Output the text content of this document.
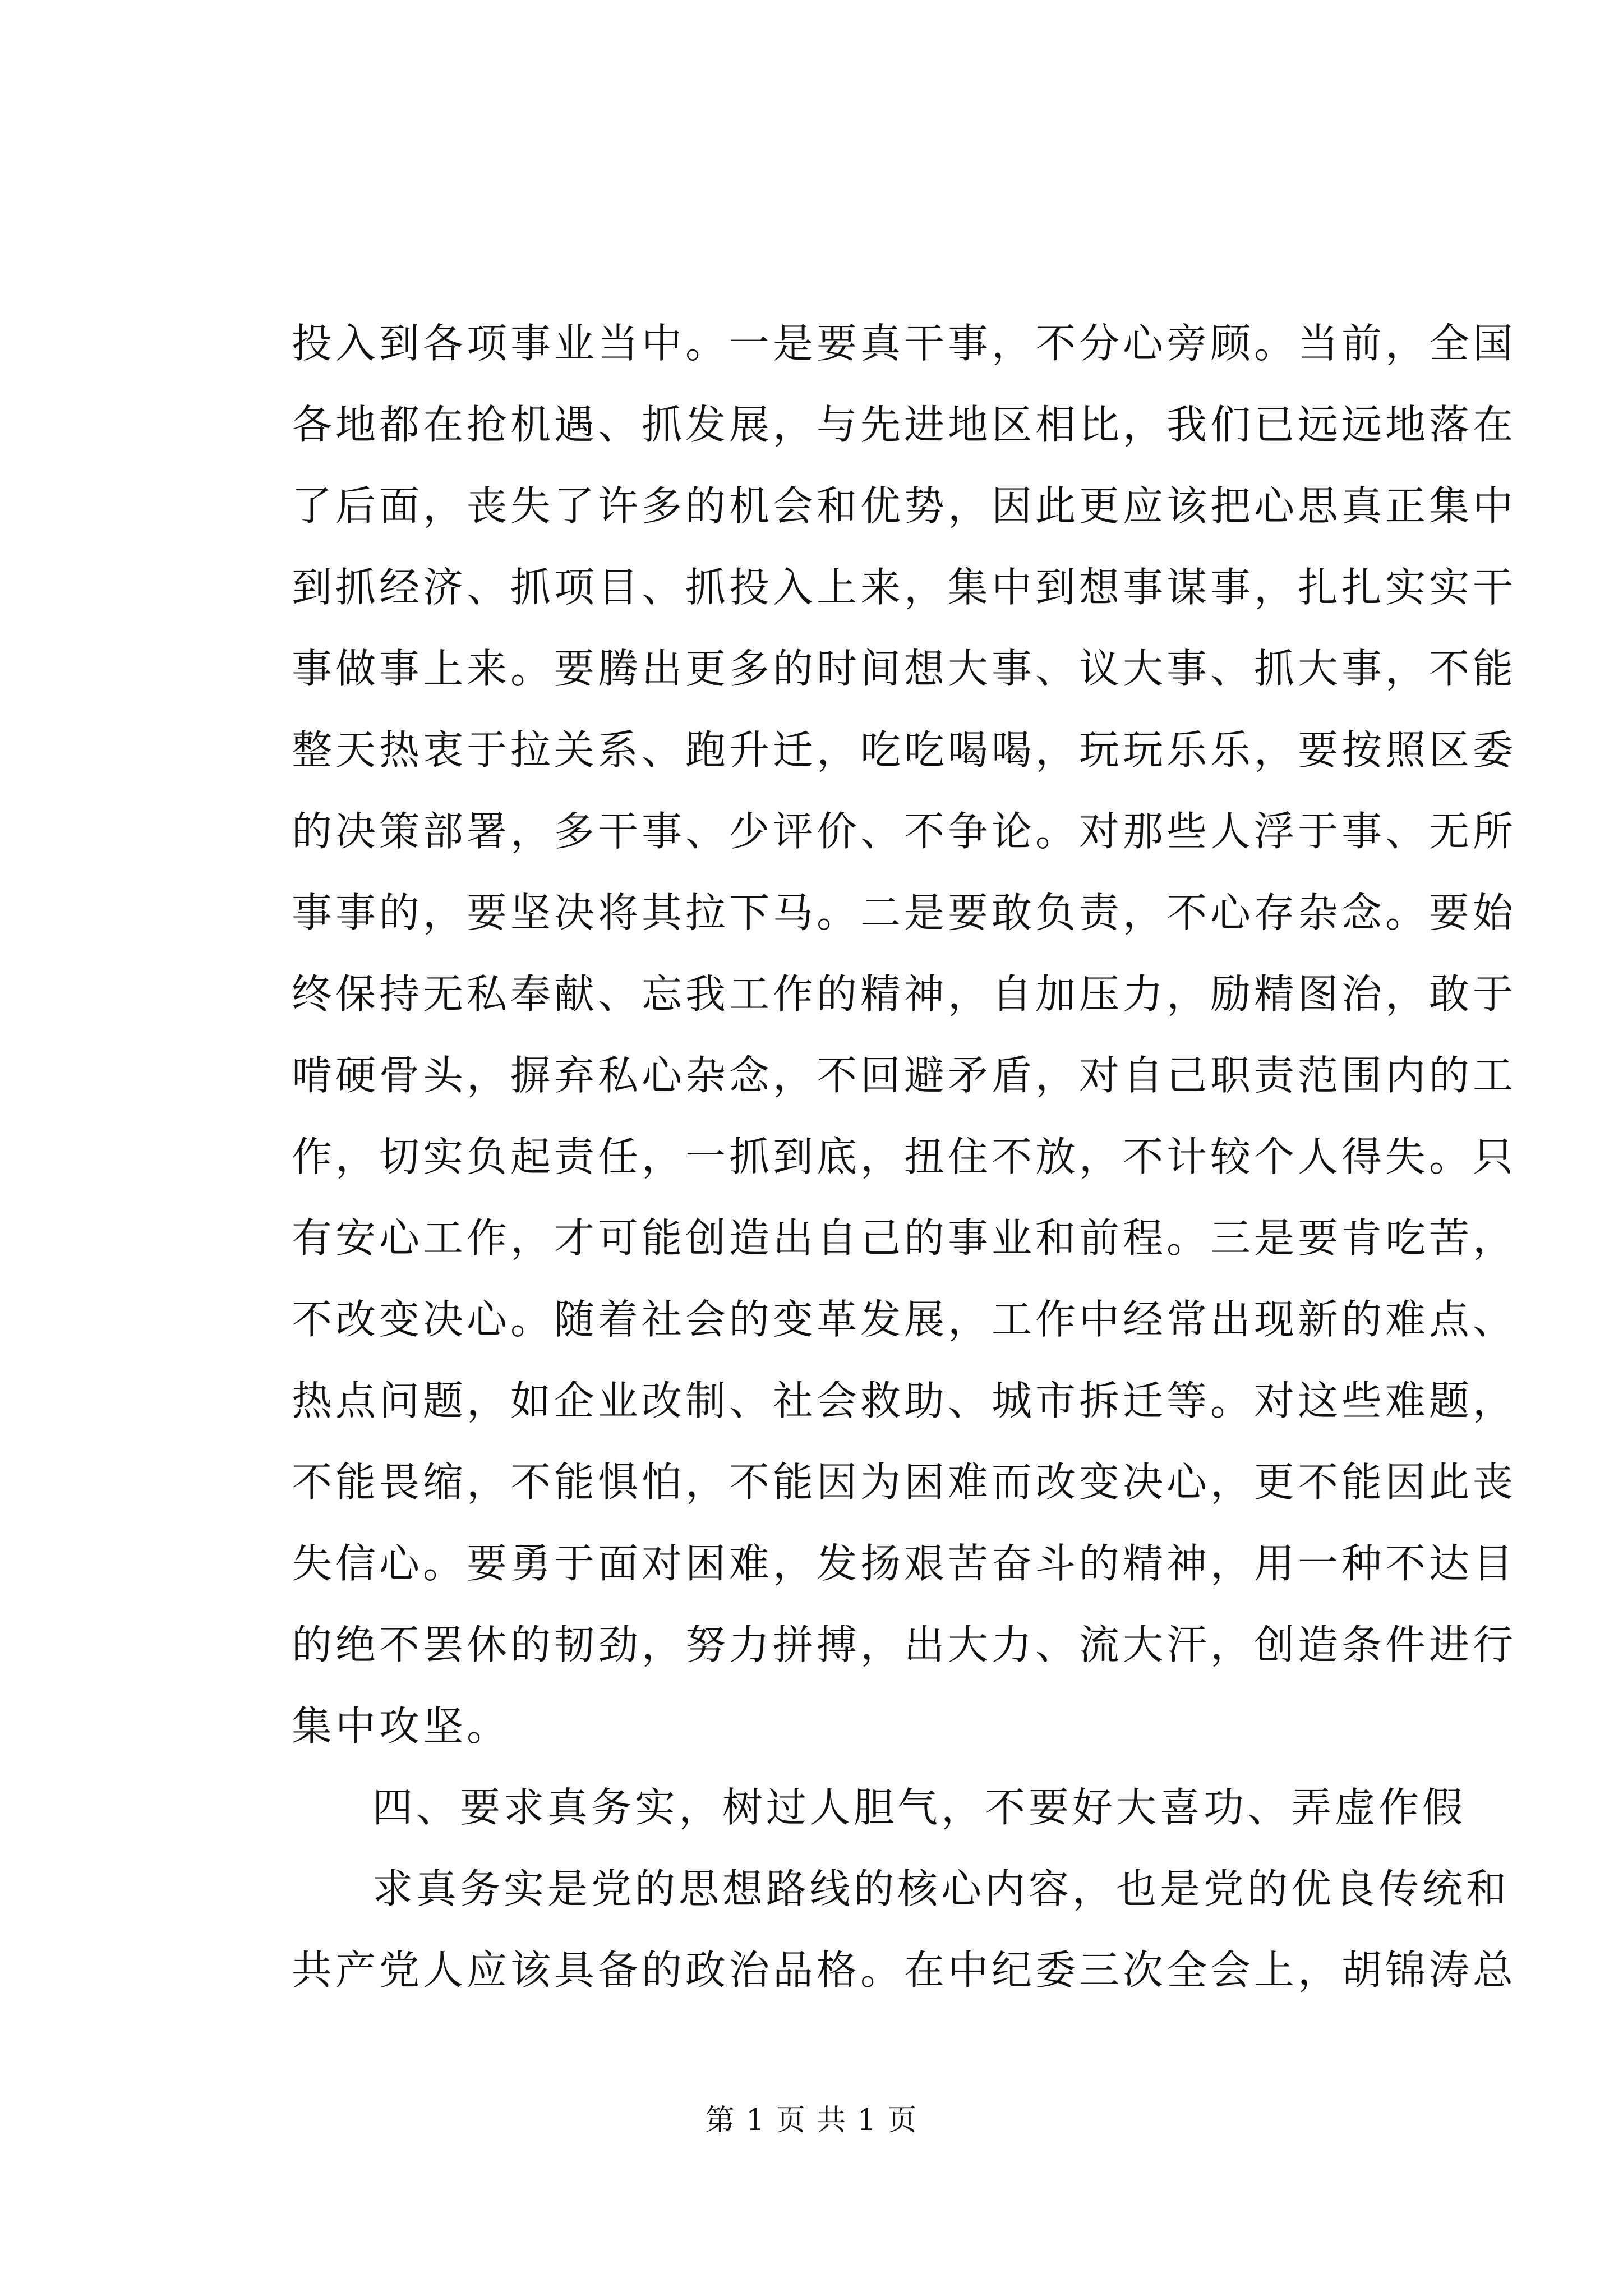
投入到各项事业当中。一是要真干事，不分心旁顾。当前，全国
各地都在抢机遇、抓发展，与先进地区相比，我们已远远地落在
了后面，丧失了许多的机会和优势，因此更应该把心思真正集中
到抓经济、抓项目、抓投入上来，集中到想事谋事，扎扎实实干
事做事上来。要腾出更多的时间想大事、议大事、抓大事，不能
整天热衷于拉关系、跑升迁，吃吃喝喝，玩玩乐乐，要按照区委
的决策部署，多干事、少评价、不争论。对那些人浮于事、无所
事事的，要坚决将其拉下马。二是要敢负责，不心存杂念。要始
终保持无私奉献、忘我工作的精神，自加压力，励精图治，敢于
啃硬骨头，摒弃私心杂念，不回避矛盾，对自己职责范围内的工
作，切实负起责任，一抓到底，扭住不放，不计较个人得失。只
有安心工作，才可能创造出自己的事业和前程。三是要肯吃苦，
不改变决心。随着社会的变革发展，工作中经常出现新的难点、
热点问题，如企业改制、社会救助、城市拆迁等。对这些难题，
不能畏缩，不能惧怕，不能因为困难而改变决心，更不能因此丧
失信心。要勇于面对困难，发扬艰苦奋斗的精神，用一种不达目
的绝不罢休的韧劲，努力拼搏，出大力、流大汗，创造条件进行
集中攻坚。
四、要求真务实，树过人胆气，不要好大喜功、弄虚作假
求真务实是党的思想路线的核心内容，也是党的优良传统和
共产党人应该具备的政治品格。在中纪委三次全会上，胡锦涛总
第 1 页 共 1 页
